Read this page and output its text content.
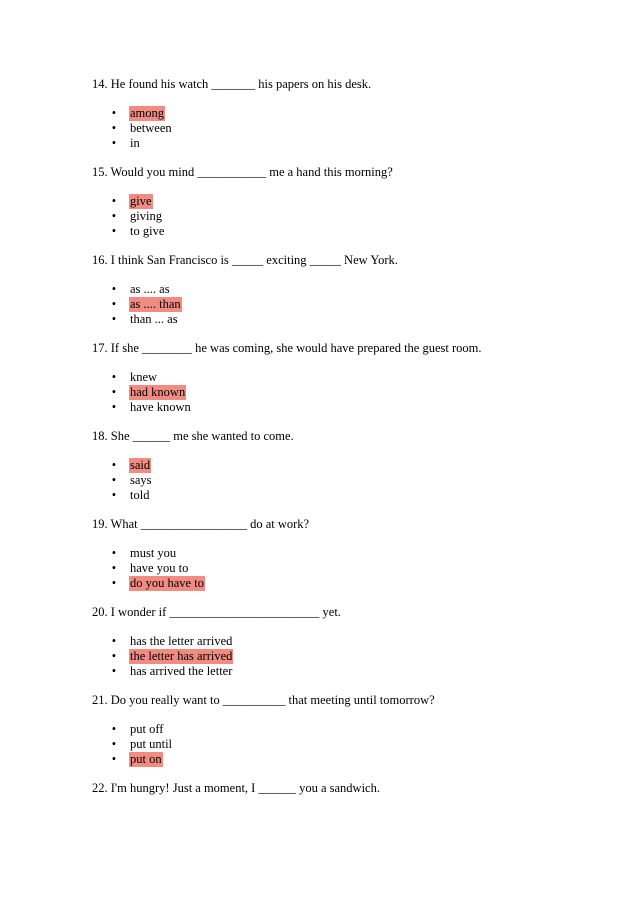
14. He found his watch _______ his papers on his desk.

• among
• between
• in

15. Would you mind ___________ me a hand this morning?

• give
• giving
• to give

16. I think San Francisco is _____ exciting _____ New York.

• as .... as
• as .... than
• than ... as

17. If she ________ he was coming, she would have prepared the guest room.

• knew
• had known
• have known

18. She ______ me she wanted to come.

• said
• says
• told

19. What _________________ do at work?

• must you
• have you to
• do you have to

20. I wonder if ________________________ yet.

• has the letter arrived
• the letter has arrived
• has arrived the letter

21. Do you really want to __________ that meeting until tomorrow?

• put off
• put until
• put on

22. I'm hungry! Just a moment, I ______ you a sandwich.
